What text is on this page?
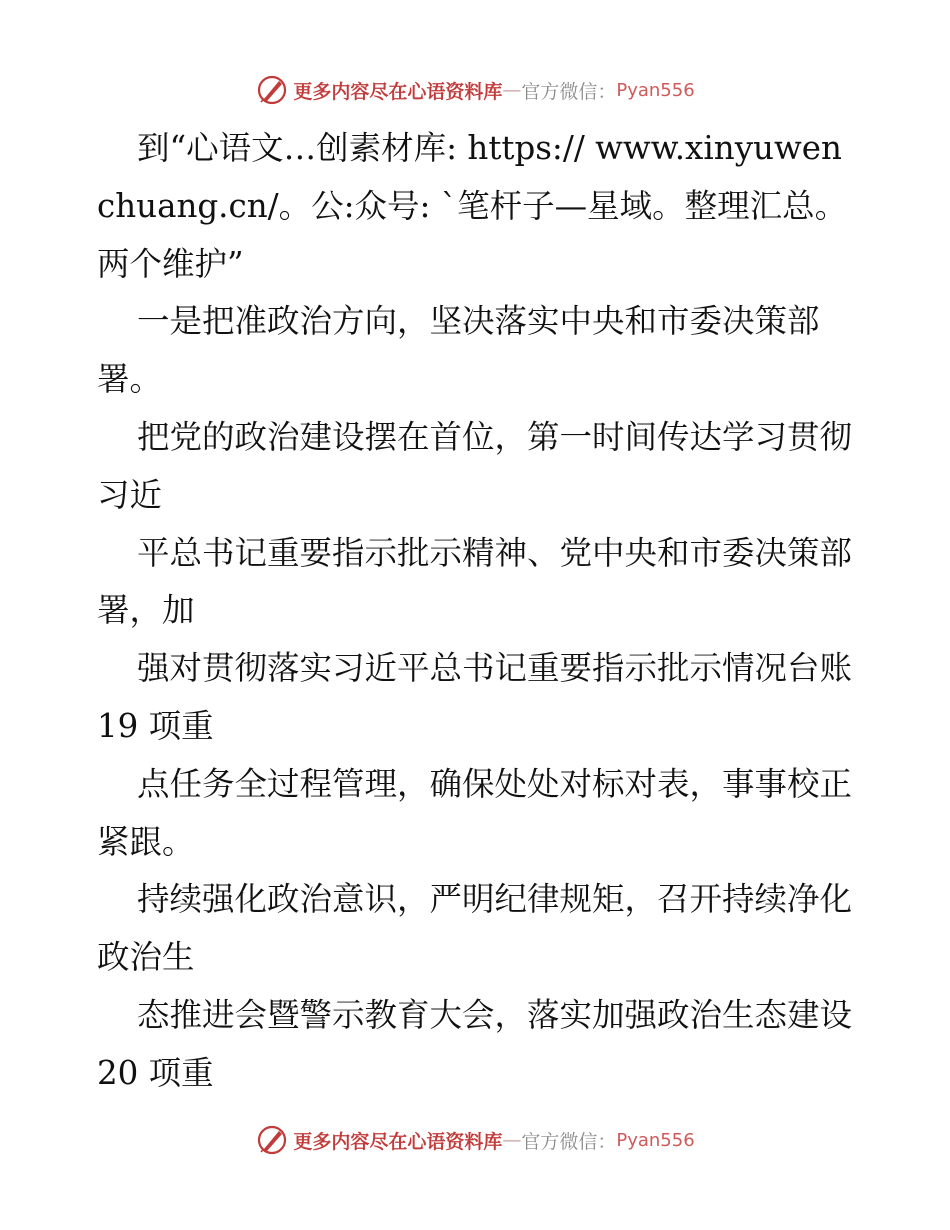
更多内容尽在心语资料库 — 官方微信： Pyan556

到“心语文…创素材库: https:// www.xinyuwenchuang.cn/。公:众号: `笔杆子—星域。整理汇总。两个维护”

一是把准政治方向，坚决落实中央和市委决策部署。

把党的政治建设摆在首位，第一时间传达学习贯彻习近

平总书记重要指示批示精神、党中央和市委决策部署，加

强对贯彻落实习近平总书记重要指示批示情况台账 19 项重

点任务全过程管理，确保处处对标对表，事事校正紧跟。

持续强化政治意识，严明纪律规矩，召开持续净化政治生

态推进会暨警示教育大会，落实加强政治生态建设 20 项重

更多内容尽在心语资料库 — 官方微信： Pyan556
